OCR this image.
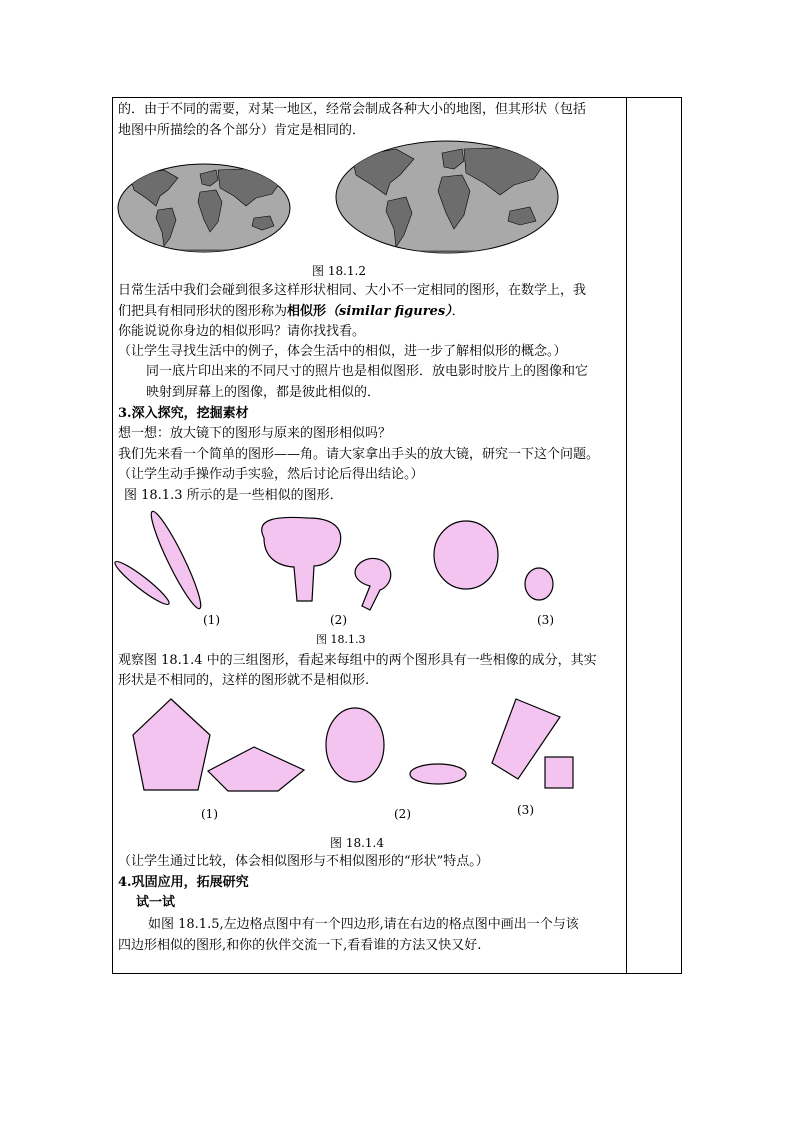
的．由于不同的需要，对某一地区，经常会制成各种大小的地图，但其形状（包括
地图中所描绘的各个部分）肯定是相同的．
图 18.1.2
日常生活中我们会碰到很多这样形状相同、大小不一定相同的图形，在数学上，我
们把具有相同形状的图形称为相似形（similar figures）．
你能说说你身边的相似形吗？请你找找看。
（让学生寻找生活中的例子，体会生活中的相似，进一步了解相似形的概念。）
同一底片印出来的不同尺寸的照片也是相似图形．放电影时胶片上的图像和它
映射到屏幕上的图像，都是彼此相似的．
3.深入探究，挖掘素材
想一想：放大镜下的图形与原来的图形相似吗？
我们先来看一个简单的图形——角。请大家拿出手头的放大镜，研究一下这个问题。
（让学生动手操作动手实验，然后讨论后得出结论。）
图 18.1.3 所示的是一些相似的图形．
(1)	(2)	(3)
图 18.1.3
观察图 18.1.4 中的三组图形，看起来每组中的两个图形具有一些相像的成分，其实
形状是不相同的，这样的图形就不是相似形.
(1)	(2)	(3)
图 18.1.4
（让学生通过比较，体会相似图形与不相似图形的“形状”特点。）
4.巩固应用，拓展研究
试一试
如图 18.1.5,左边格点图中有一个四边形,请在右边的格点图中画出一个与该
四边形相似的图形,和你的伙伴交流一下,看看谁的方法又快又好.
